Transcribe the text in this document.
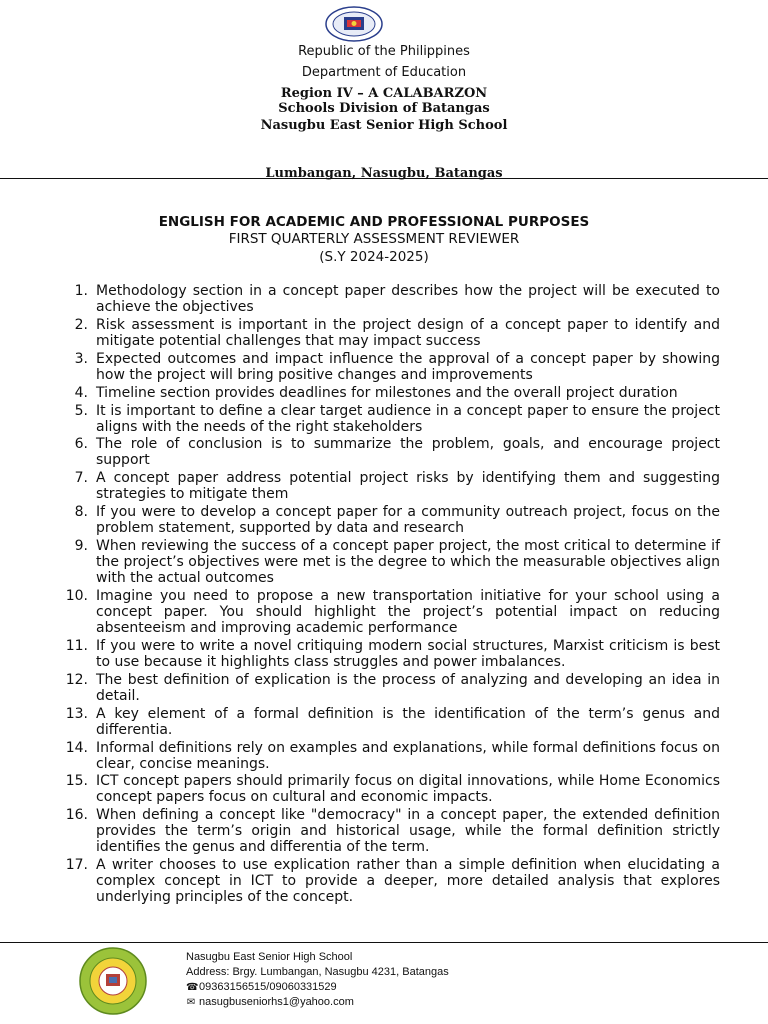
Republic of the Philippines
Department of Education
Region IV – A CALABARZON
Schools Division of Batangas
Nasugbu East Senior High School
Lumbangan, Nasugbu, Batangas
ENGLISH FOR ACADEMIC AND PROFESSIONAL PURPOSES
FIRST QUARTERLY ASSESSMENT REVIEWER
(S.Y 2024-2025)
1. Methodology section in a concept paper describes how the project will be executed to achieve the objectives
2. Risk assessment is important in the project design of a concept paper to identify and mitigate potential challenges that may impact success
3. Expected outcomes and impact influence the approval of a concept paper by showing how the project will bring positive changes and improvements
4. Timeline section provides deadlines for milestones and the overall project duration
5. It is important to define a clear target audience in a concept paper to ensure the project aligns with the needs of the right stakeholders
6. The role of conclusion is to summarize the problem, goals, and encourage project support
7. A concept paper address potential project risks by identifying them and suggesting strategies to mitigate them
8. If you were to develop a concept paper for a community outreach project, focus on the problem statement, supported by data and research
9. When reviewing the success of a concept paper project, the most critical to determine if the project’s objectives were met is the degree to which the measurable objectives align with the actual outcomes
10. Imagine you need to propose a new transportation initiative for your school using a concept paper. You should highlight the project’s potential impact on reducing absenteeism and improving academic performance
11. If you were to write a novel critiquing modern social structures, Marxist criticism is best to use because it highlights class struggles and power imbalances.
12. The best definition of explication is the process of analyzing and developing an idea in detail.
13. A key element of a formal definition is the identification of the term’s genus and differentia.
14. Informal definitions rely on examples and explanations, while formal definitions focus on clear, concise meanings.
15. ICT concept papers should primarily focus on digital innovations, while Home Economics concept papers focus on cultural and economic impacts.
16. When defining a concept like "democracy" in a concept paper, the extended definition provides the term’s origin and historical usage, while the formal definition strictly identifies the genus and differentia of the term.
17. A writer chooses to use explication rather than a simple definition when elucidating a complex concept in ICT to provide a deeper, more detailed analysis that explores underlying principles of the concept.
Nasugbu East Senior High School
Address: Brgy. Lumbangan, Nasugbu 4231, Batangas
☎ 09363156515/09060331529
✉ nasugbuseniorhs1@yahoo.com
